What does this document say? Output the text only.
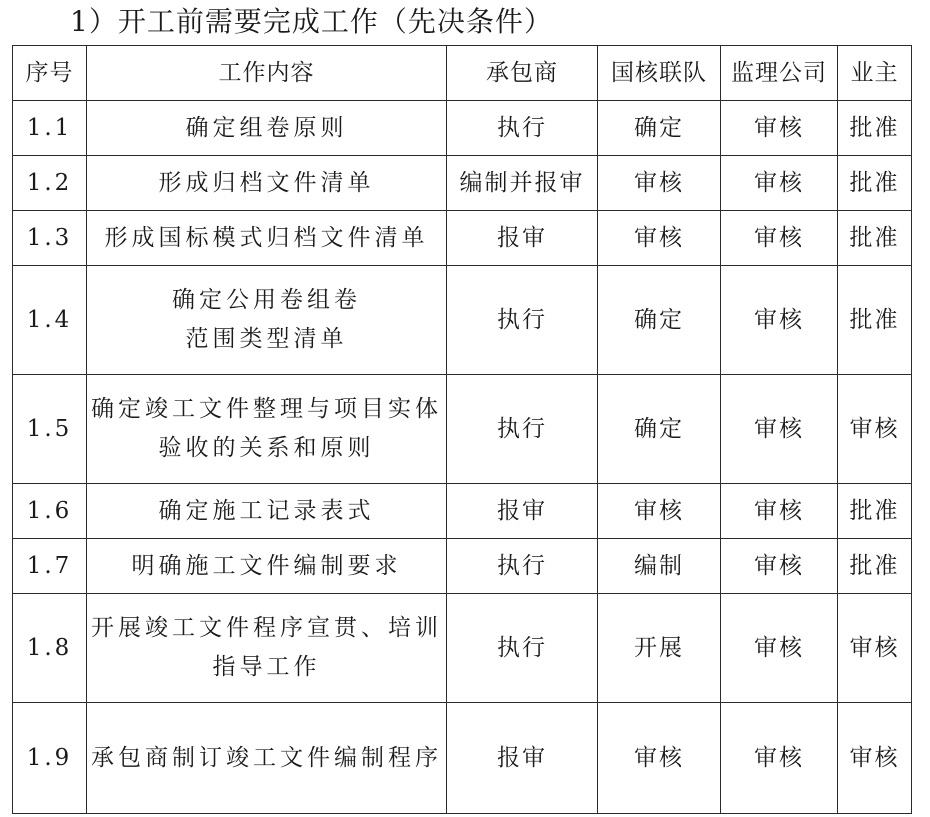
1）开工前需要完成工作（先决条件）
序号	工作内容	承包商	国核联队	监理公司	业主
1.1	确定组卷原则	执行	确定	审核	批准
1.2	形成归档文件清单	编制并报审	审核	审核	批准
1.3	形成国标模式归档文件清单	报审	审核	审核	批准
1.4	确定公用卷组卷范围类型清单	执行	确定	审核	批准
1.5	确定竣工文件整理与项目实体验收的关系和原则	执行	确定	审核	审核
1.6	确定施工记录表式	报审	审核	审核	批准
1.7	明确施工文件编制要求	执行	编制	审核	批准
1.8	开展竣工文件程序宣贯、培训指导工作	执行	开展	审核	审核
1.9	承包商制订竣工文件编制程序	报审	审核	审核	审核
